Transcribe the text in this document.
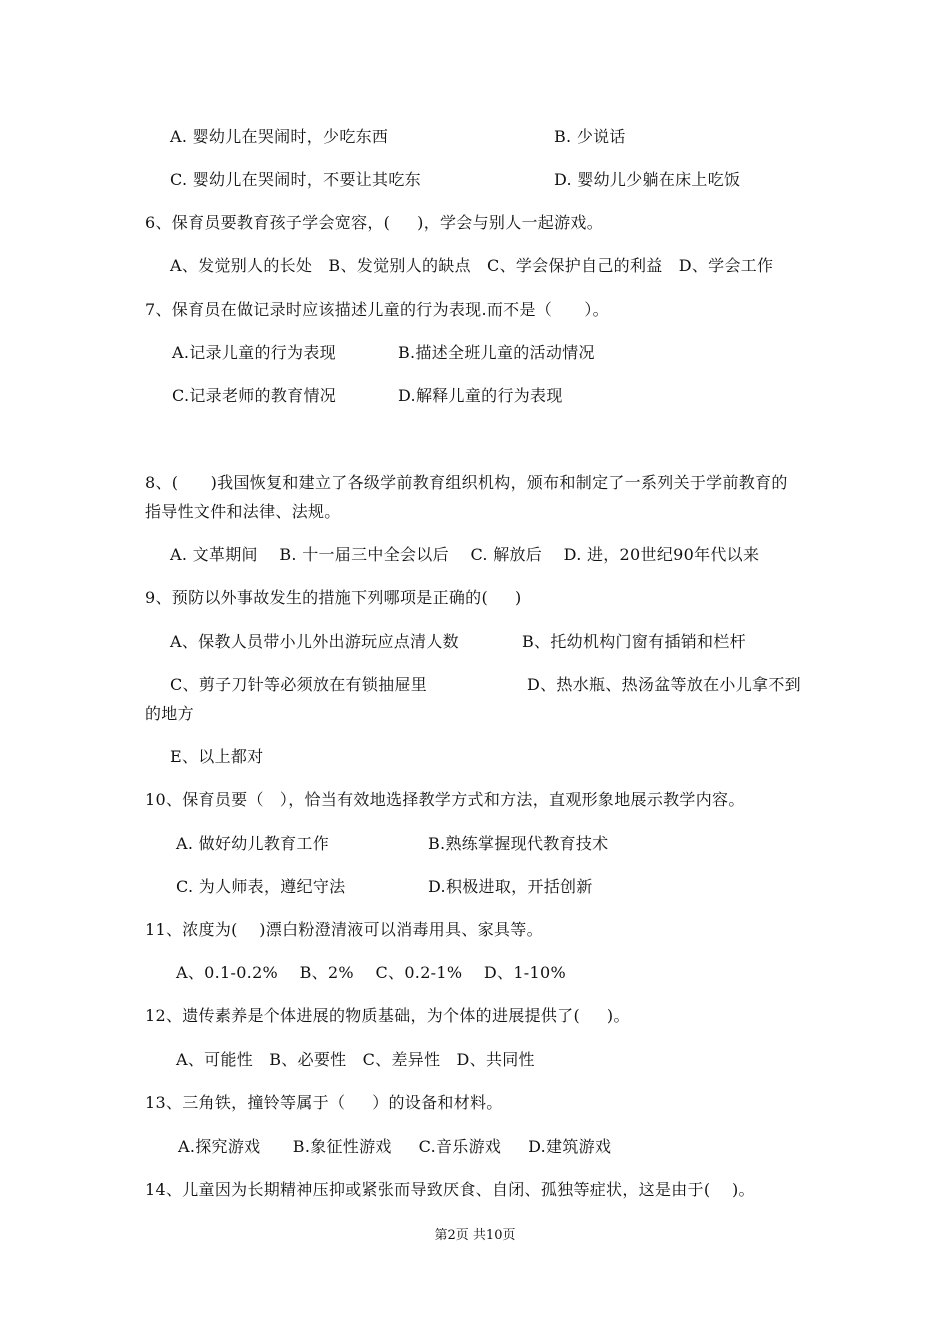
A. 婴幼儿在哭闹时，少吃东西	B. 少说话
C. 婴幼儿在哭闹时，不要让其吃东	D. 婴幼儿少躺在床上吃饭
6、保育员要教育孩子学会宽容，(     )，学会与别人一起游戏。
A、发觉别人的长处   B、发觉别人的缺点   C、学会保护自己的利益   D、学会工作
7、保育员在做记录时应该描述儿童的行为表现.而不是（      ）。
A.记录儿童的行为表现	B.描述全班儿童的活动情况
C.记录老师的教育情况	D.解释儿童的行为表现
8、(      )我国恢复和建立了各级学前教育组织机构，颁布和制定了一系列关于学前教育的
指导性文件和法律、法规。
A. 文革期间    B. 十一届三中全会以后    C. 解放后    D. 进，20世纪90年代以来
9、预防以外事故发生的措施下列哪项是正确的(     )
A、保教人员带小儿外出游玩应点清人数	B、托幼机构门窗有插销和栏杆
C、剪子刀针等必须放在有锁抽屉里	D、热水瓶、热汤盆等放在小儿拿不到
的地方
E、以上都对
10、保育员要（   ），恰当有效地选择教学方式和方法，直观形象地展示教学内容。
A. 做好幼儿教育工作	B.熟练掌握现代教育技术
C. 为人师表，遵纪守法	D.积极进取，开括创新
11、浓度为(    )漂白粉澄清液可以消毒用具、家具等。
A、0.1-0.2%    B、2%    C、0.2-1%    D、1-10%
12、遗传素养是个体进展的物质基础，为个体的进展提供了(     )。
A、可能性   B、必要性   C、差异性   D、共同性
13、三角铁，撞铃等属于（     ）的设备和材料。
A.探究游戏      B.象征性游戏     C.音乐游戏     D.建筑游戏
14、儿童因为长期精神压抑或紧张而导致厌食、自闭、孤独等症状，这是由于(    )。
第2页 共10页
